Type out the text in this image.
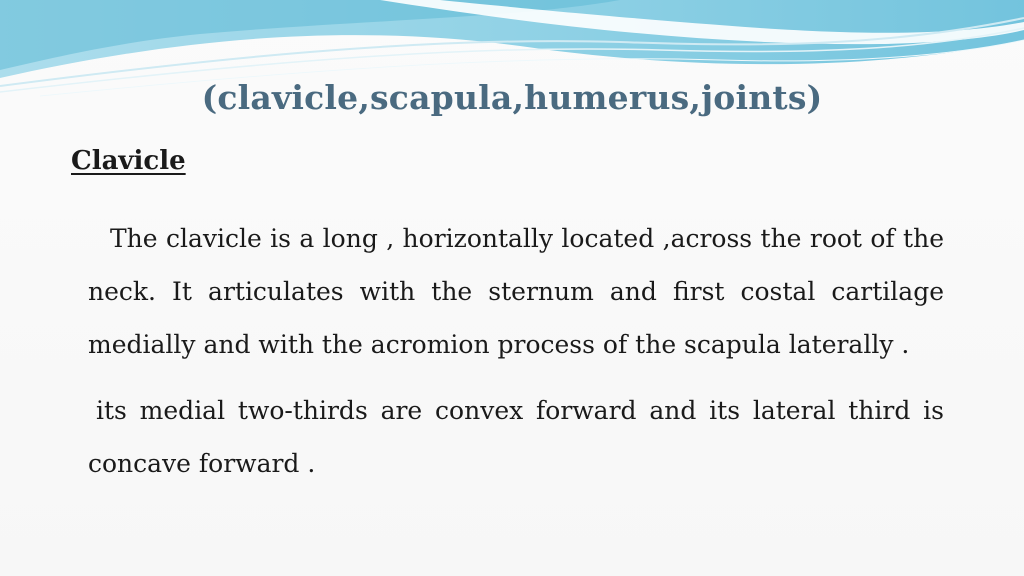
(clavicle,scapula,humerus,joints)
Clavicle

The clavicle is a long , horizontally located ,across the root of the neck. It articulates with the sternum and first costal cartilage medially and with the acromion process of the scapula laterally .

its medial two-thirds are convex forward and its lateral third is concave forward .
